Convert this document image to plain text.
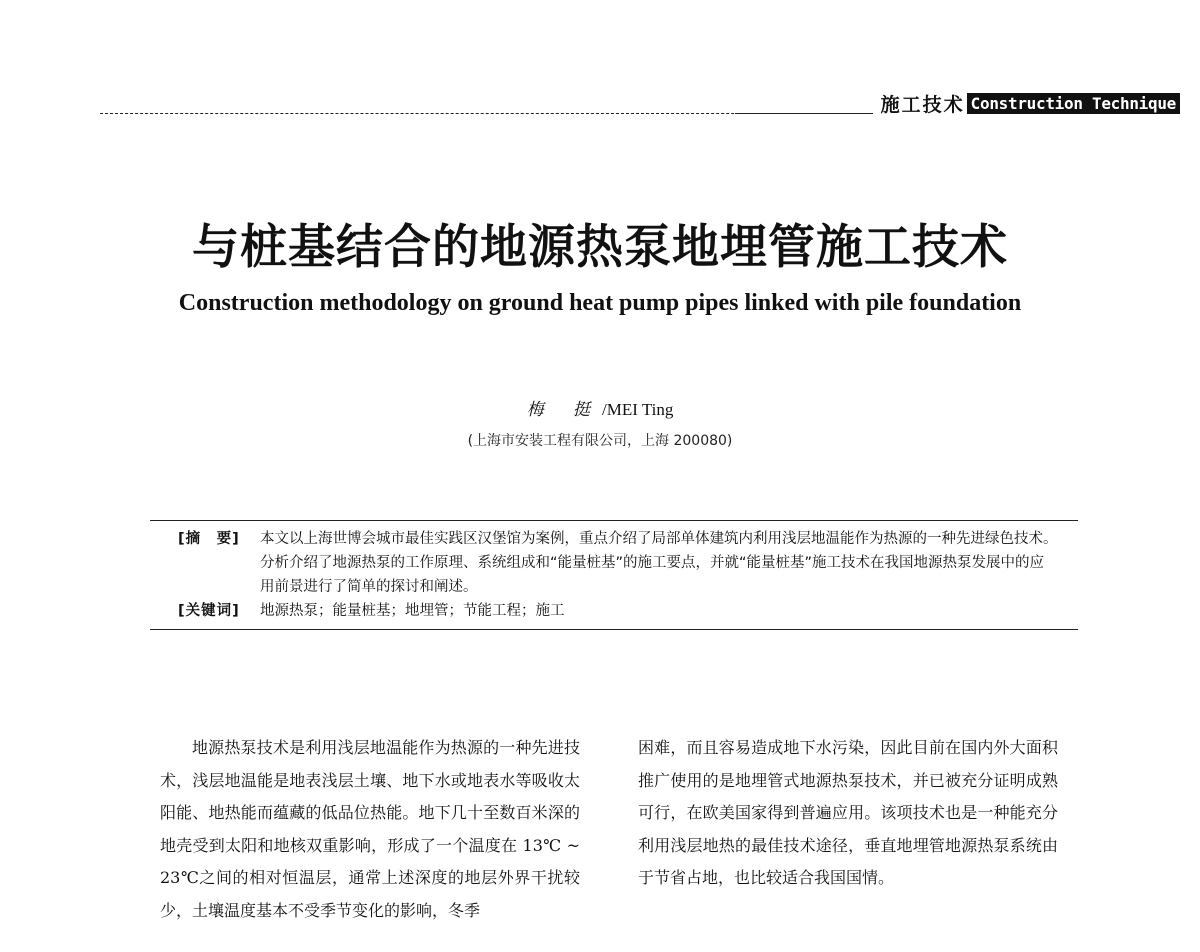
施工技术 Construction Technique
与桩基结合的地源热泵地埋管施工技术
Construction methodology on ground heat pump pipes linked with pile foundation
梅 挺/MEI Ting
(上海市安装工程有限公司，上海 200080)
[摘　要]	本文以上海世博会城市最佳实践区汉堡馆为案例，重点介绍了局部单体建筑内利用浅层地温能作为热源的一种先进绿色技术。分析介绍了地源热泵的工作原理、系统组成和“能量桩基”的施工要点，并就“能量桩基”施工技术在我国地源热泵发展中的应用前景进行了简单的探讨和阐述。
[关键词]	地源热泵；能量桩基；地埋管；节能工程；施工

地源热泵技术是利用浅层地温能作为热源的一种先进技术，浅层地温能是地表浅层土壤、地下水或地表水等吸收太阳能、地热能而蕴藏的低品位热能。地下几十至数百米深的地壳受到太阳和地核双重影响，形成了一个温度在 13℃ ~ 23℃之间的相对恒温层，通常上述深度的地层外界干扰较少，土壤温度基本不受季节变化的影响，冬季

困难，而且容易造成地下水污染，因此目前在国内外大面积推广使用的是地埋管式地源热泵技术，并已被充分证明成熟可行，在欧美国家得到普遍应用。该项技术也是一种能充分利用浅层地热的最佳技术途径，垂直地埋管地源热泵系统由于节省占地，也比较适合我国国情。
